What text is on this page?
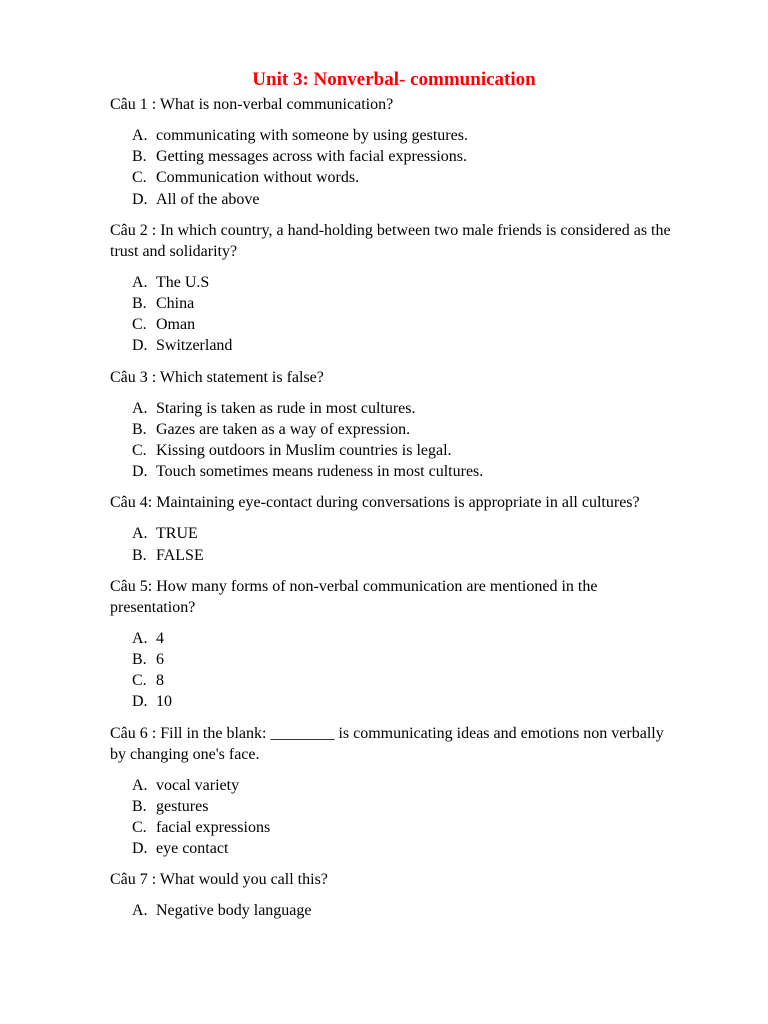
Unit 3: Nonverbal- communication

Câu 1 : What is non-verbal communication?

A. communicating with someone by using gestures.
B. Getting messages across with facial expressions.
C. Communication without words.
D. All of the above

Câu 2 : In which country, a hand-holding between two male friends is considered as the trust and solidarity?

A. The U.S
B. China
C. Oman
D. Switzerland

Câu 3 : Which statement is false?

A. Staring is taken as rude in most cultures.
B. Gazes are taken as a way of expression.
C. Kissing outdoors in Muslim countries is legal.
D. Touch sometimes means rudeness in most cultures.

Câu 4: Maintaining eye-contact during conversations is appropriate in all cultures?

A. TRUE
B. FALSE

Câu 5: How many forms of non-verbal communication are mentioned in the presentation?

A. 4
B. 6
C. 8
D. 10

Câu 6 : Fill in the blank: ________ is communicating ideas and emotions non verbally by changing one's face.

A. vocal variety
B. gestures
C. facial expressions
D. eye contact

Câu 7 : What would you call this?

A. Negative body language
